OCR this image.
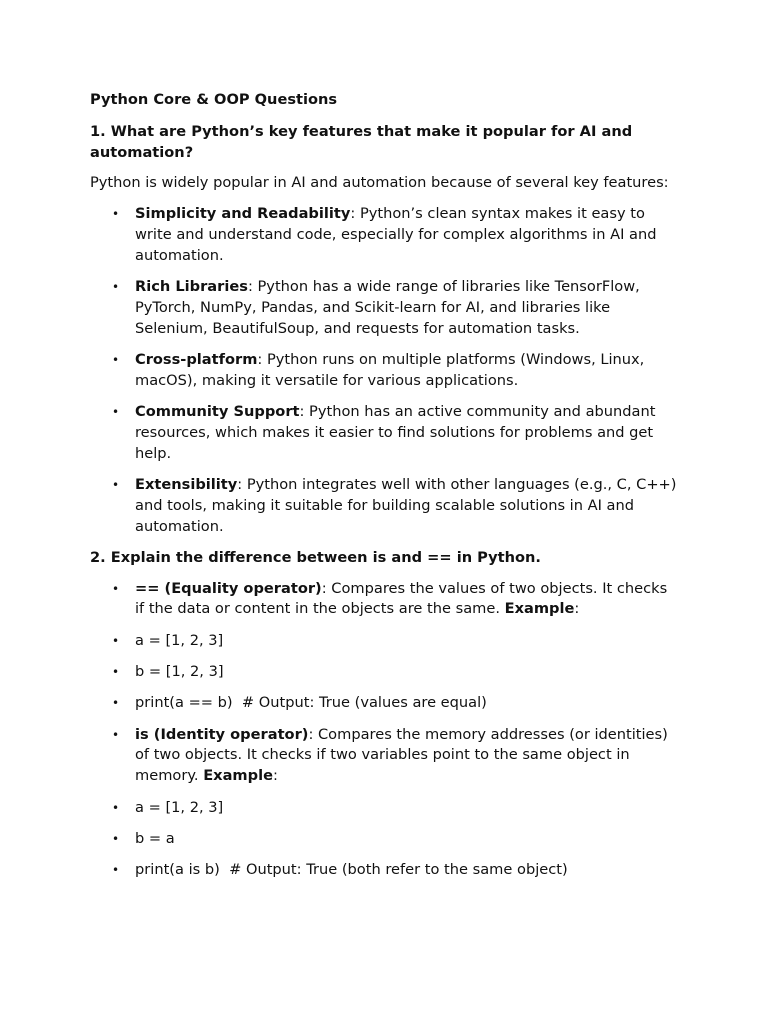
Python Core & OOP Questions
1. What are Python’s key features that make it popular for AI and automation?
Python is widely popular in AI and automation because of several key features:
• Simplicity and Readability: Python’s clean syntax makes it easy to write and understand code, especially for complex algorithms in AI and automation.
• Rich Libraries: Python has a wide range of libraries like TensorFlow, PyTorch, NumPy, Pandas, and Scikit-learn for AI, and libraries like Selenium, BeautifulSoup, and requests for automation tasks.
• Cross-platform: Python runs on multiple platforms (Windows, Linux, macOS), making it versatile for various applications.
• Community Support: Python has an active community and abundant resources, which makes it easier to find solutions for problems and get help.
• Extensibility: Python integrates well with other languages (e.g., C, C++) and tools, making it suitable for building scalable solutions in AI and automation.
2. Explain the difference between is and == in Python.
• == (Equality operator): Compares the values of two objects. It checks if the data or content in the objects are the same. Example:
• a = [1, 2, 3]
• b = [1, 2, 3]
• print(a == b)  # Output: True (values are equal)
• is (Identity operator): Compares the memory addresses (or identities) of two objects. It checks if two variables point to the same object in memory. Example:
• a = [1, 2, 3]
• b = a
• print(a is b)  # Output: True (both refer to the same object)
